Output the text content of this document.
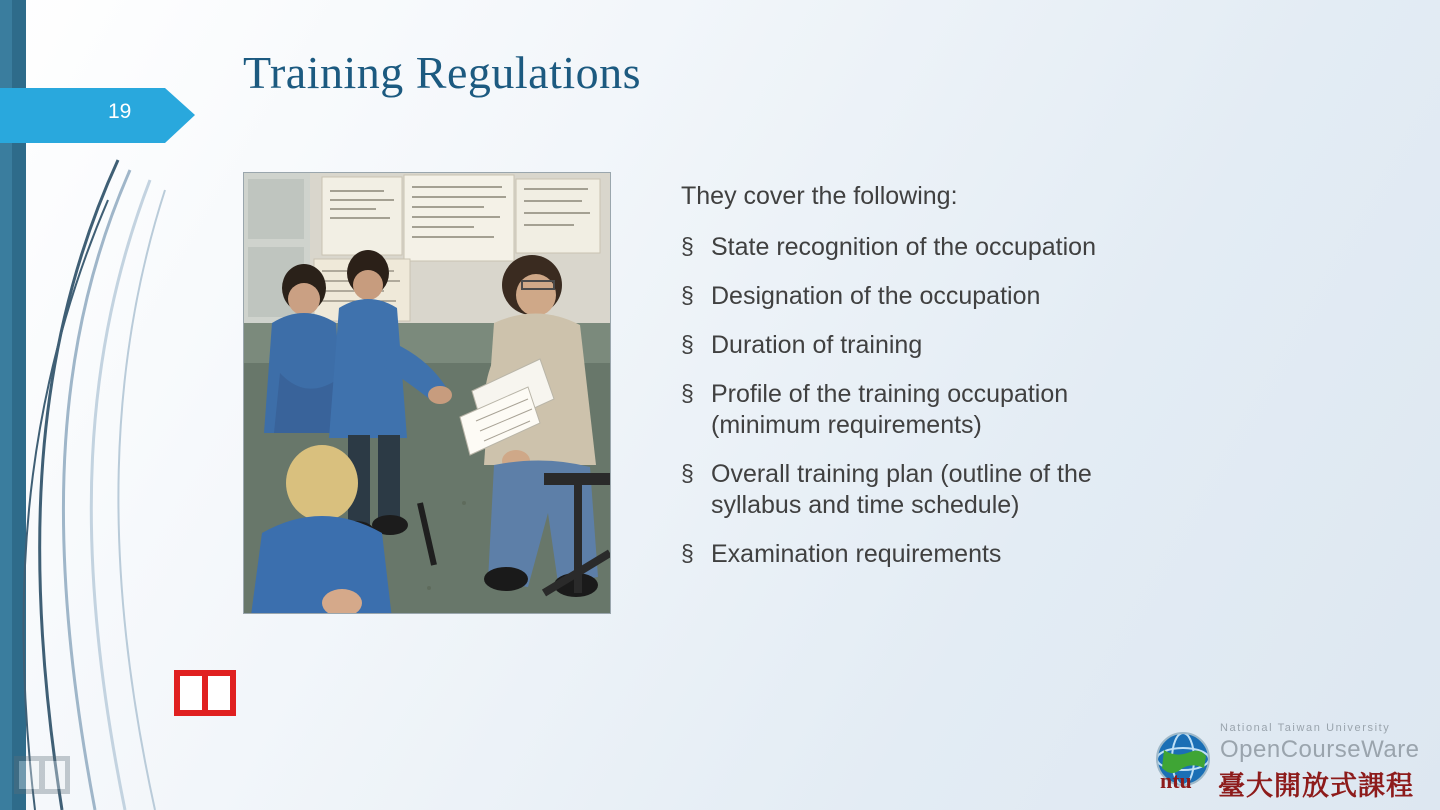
19
Training Regulations
They cover the following:
§ State recognition of the occupation
§ Designation of the occupation
§ Duration of training
§ Profile of the training occupation (minimum requirements)
§ Overall training plan (outline of the syllabus and time schedule)
§ Examination requirements
National Taiwan University
OpenCourseWare
ntu 臺大開放式課程
